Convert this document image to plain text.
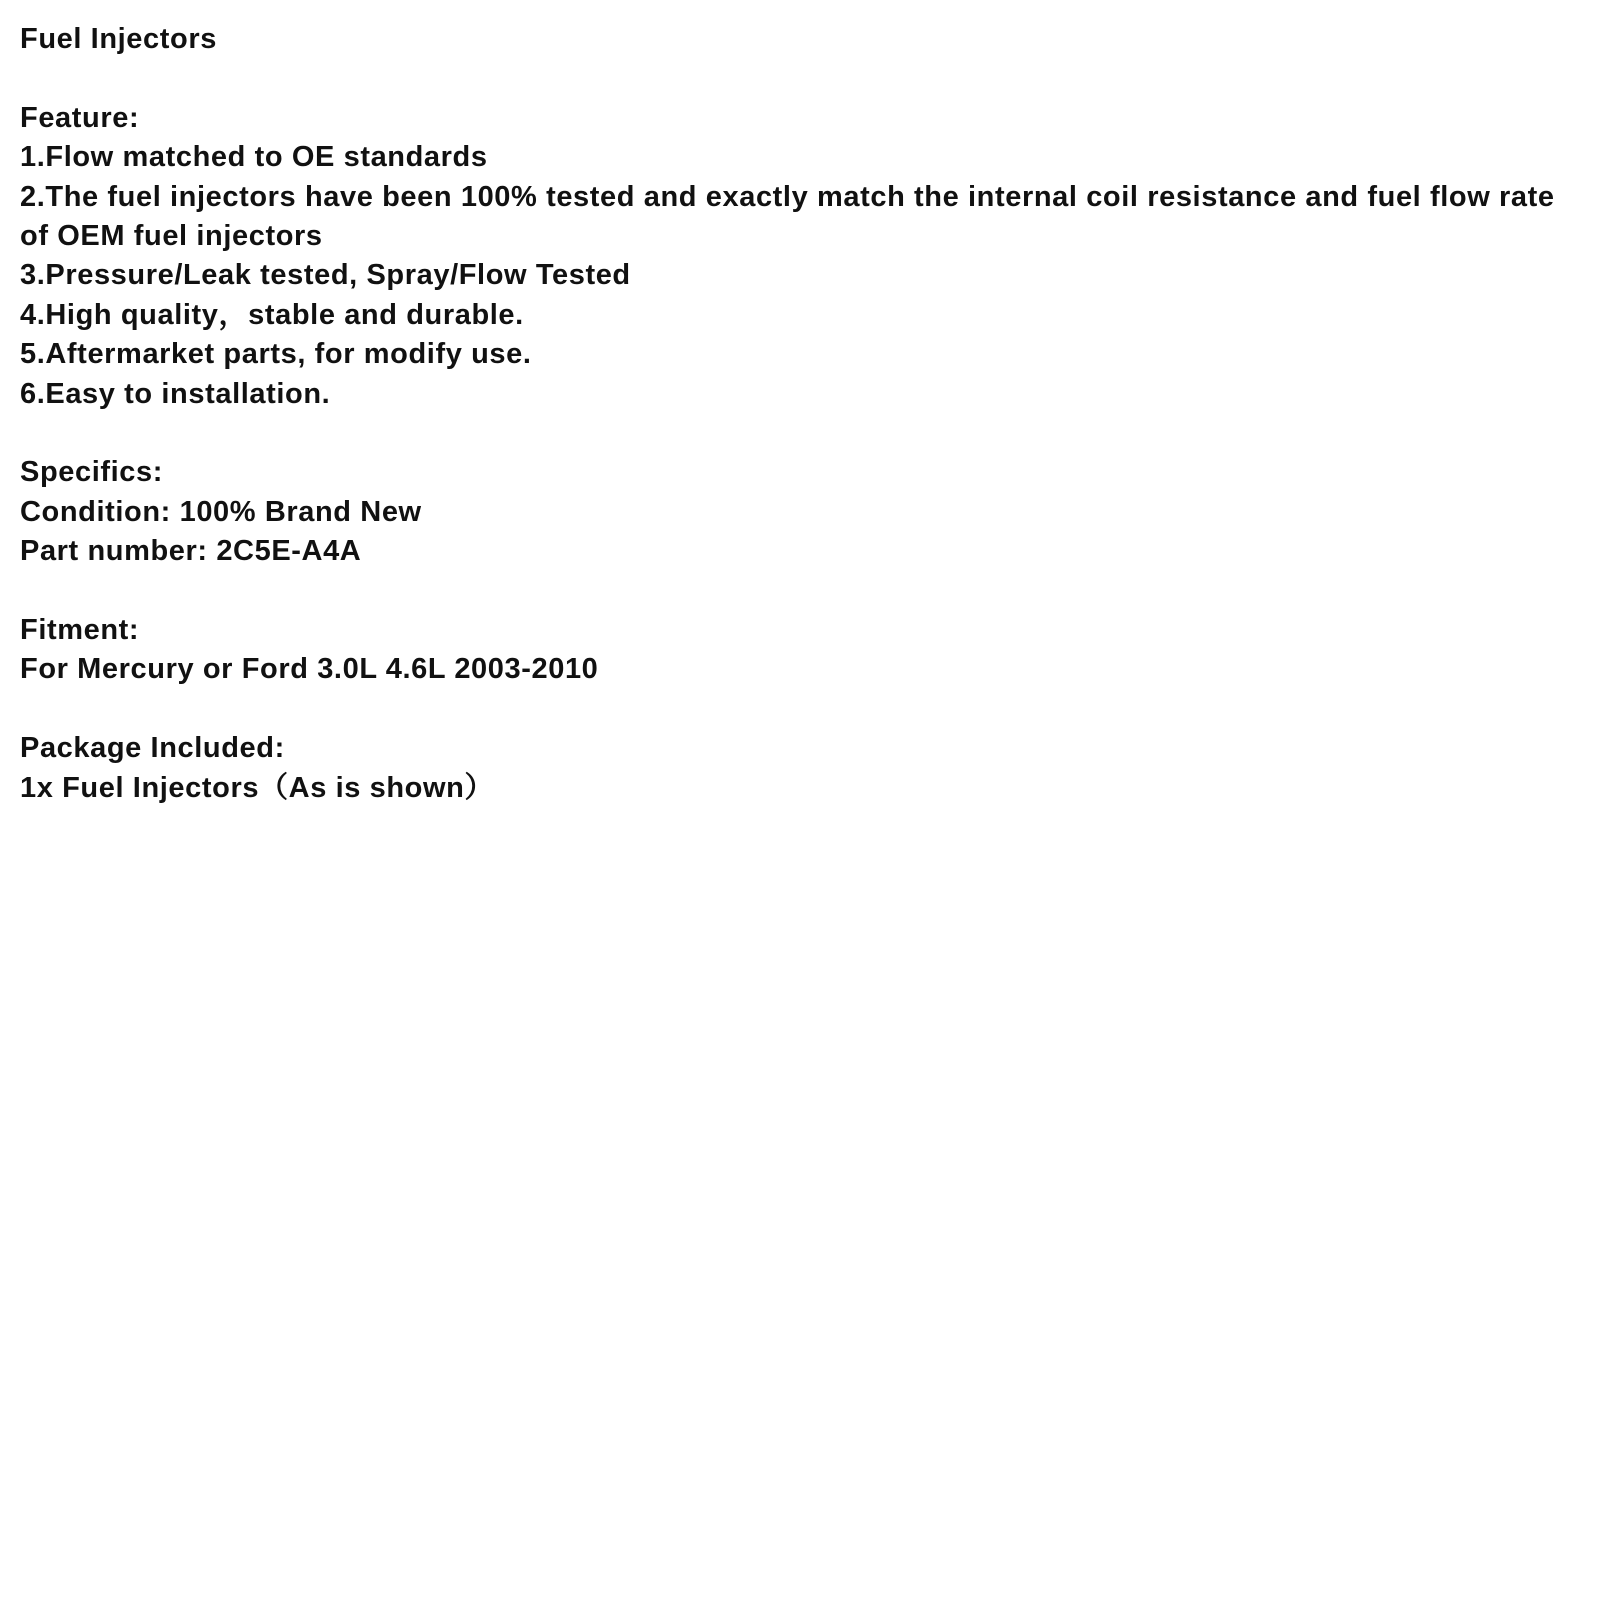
Fuel Injectors
Feature:
1.Flow matched to OE standards
2.The fuel injectors have been 100% tested and exactly match the internal coil resistance and fuel flow rate of OEM fuel injectors
3.Pressure/Leak tested, Spray/Flow Tested
4.High quality，stable and durable.
5.Aftermarket parts, for modify use.
6.Easy to installation.
Specifics:
Condition: 100% Brand New
Part number: 2C5E-A4A
Fitment:
For Mercury or Ford 3.0L 4.6L 2003-2010
Package Included:
1x Fuel Injectors（As is shown）
